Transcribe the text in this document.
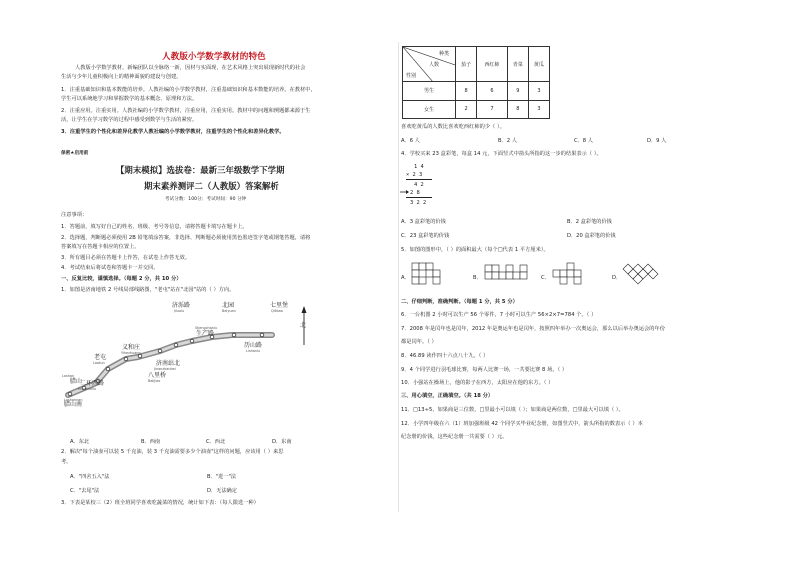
人教版小学数学教材的特色
人教版小学数学教材，新编团队以全脉络一新，因材与实面现，在艺术风格上突出展现新时代的社会
生活与少年儿童积极向上的精神面貌的建设与创建。
1．注重基础知识和基本数能的培养。人教社编的小学数学教材，注重基础知识和基本数能的培养。在教材中，
学生可以系统地学习和掌握数学的基本概念、原理和方法。
2．注重应用。注重实用。人教社编的小学数学教材，注重应用，注重实用。教材中的问题和例题都来源于生
活，让学生在学习数学的过程中感受到数学与生活的紧密。
3．注重学生的个性化和差异化教学人教社编的小学数学教材，注重学生的个性化和差异化教学。
保密★启用前
【期末模拟】选拔卷：最新三年级数学下学期
期末素养测评二（人教版）答案解析
考试分数：100分；考试时间：90 分钟
注意事项：
1．答题前，填写好自己的姓名、班级、考号等信息，请将答题卡填写在题卡上。
2．选择题，判断题必须使用 2B 铅笔填涂答案，非选择、判断题必须使用黑色墨迹签字笔或钢笔答题，请将
答案填写在答题卡相应的位置上。
3．所有题目必须在答题卡上作答，在试卷上作答无效。
4．考试结束后将试卷和答题卡一并交回。
一、反复比较，谨慎选择。（每题 2 分，共 10 分）
1．如图是济南地铁 2 号线局部线路图，"老屯"站在"北园"站的（ ）方向。
济泺路	北园	七里堡
老屯
义和庄
生产路
历山路
济南站北
八里桥
二环西路
腊山
腊山南
Jiluolu	Beiyuan	Qilibao
Laotun
Yihezhuang
Shengchanlu
Lishanlu
Jinanzhanbei
Balijiao
Erhuanxilu
Lashan
Lashannan
北
A．东北	B．西南	C．西北	D．东南
2．解决"每个油壶可以装 5 千克油，装 3 千克油需要多少个油壶"这样的问题，应该用（ ）来思
考。
A．"四舍五入"法	B．"进一"法
C．"去尾"法	D．无法确定
3．下表是某校三（2）班全班同学喜欢吃蔬菜的情况，统计如下表：（每人限选一种）
种类
人数
性别	茄子	西红柿	青菜	黄瓜
男生	8	6	9	3
女生	2	7	8	3
喜欢吃黄瓜的人数比喜欢吃西红柿的少（ ）。
A．6 人	B．2 人	C．8 人	D．9 人
4．学校买来 23 盒彩笔，每盒 14 元，下面竖式中箭头所指的这一步的结果表示（ ）。
1 4
× 2 3
4 2
2 8
3 2 2
A．3 盒彩笔的价钱	B．2 盒彩笔的价钱
C．23 盒彩笔的价钱	D．20 盒彩笔的价钱
5．如图的图形中，（ ）的面积最大（每个□代表 1 平方厘米）。
A．	B．	C．	D．
二、仔细判断，准确判断。（每题 1 分，共 5 分）
6．一台机器 2 小时可以生产 56 个零件，7 小时可以生产 56×2×7=784 个。（ ）
7．2008 年是闰年也是闰年，2012 年是奥运年也是闰年，按照四年举办一次奥运会，那么以后举办奥运会的年份
都是闰年。（ ）
8．46.89 读作四十六点八十九。（ ）
9．4 个同学进行羽毛球比赛，每两人比赛一场，一共要比赛 8 场。（ ）
10．小强站在操场上，他的影子在西方，太阳应在他的东方。（ ）
三、用心填空，正确填空。（共 18 分）
11．□13÷5，如果商是三位数，□里最小可以填（ ）；如果商是两位数，□里最大可以填（ ）。
12．小学四年级在六（1）班加强班级 42 个同学买毕业纪念册，如图竖式中，箭头所指的数表示（ ）本
纪念册的价钱，这些纪念册一共需要（ ）元。
